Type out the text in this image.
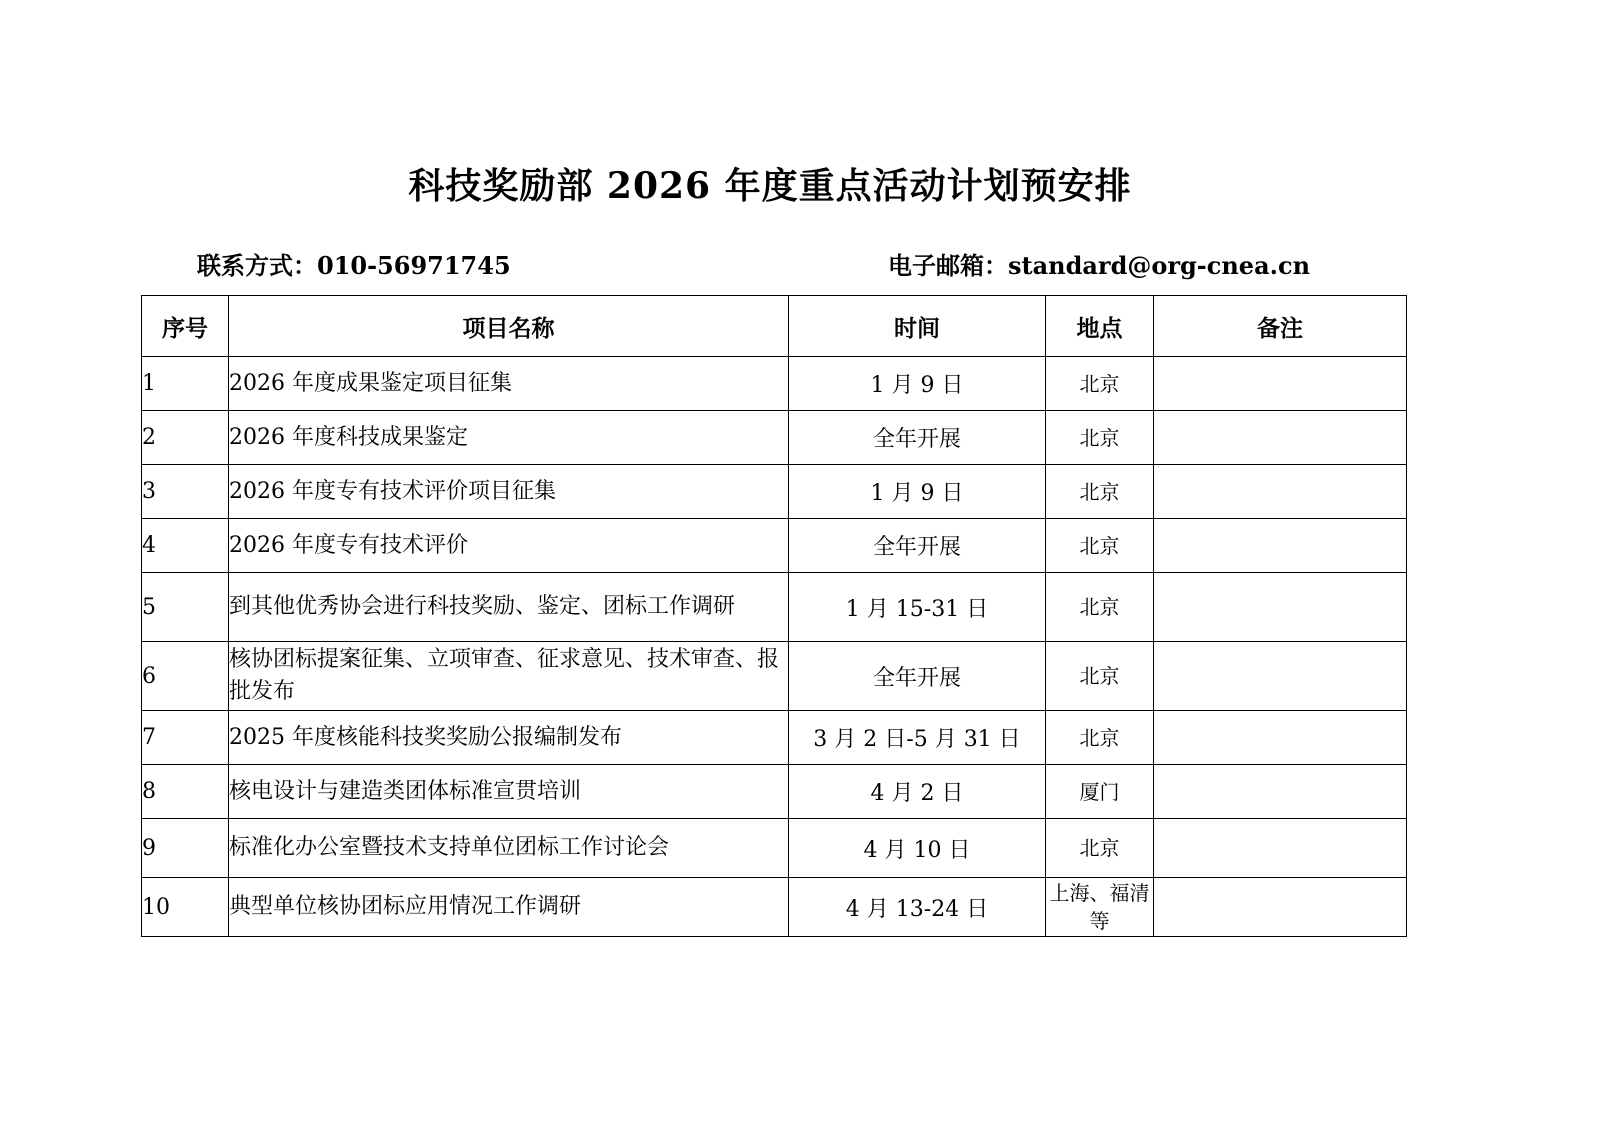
科技奖励部 2026 年度重点活动计划预安排
联系方式：010-56971745	电子邮箱：standard@org-cnea.cn
序号	项目名称	时间	地点	备注
1	2026 年度成果鉴定项目征集	1 月 9 日	北京	
2	2026 年度科技成果鉴定	全年开展	北京	
3	2026 年度专有技术评价项目征集	1 月 9 日	北京	
4	2026 年度专有技术评价	全年开展	北京	
5	到其他优秀协会进行科技奖励、鉴定、团标工作调研	1 月 15-31 日	北京	
6	核协团标提案征集、立项审查、征求意见、技术审查、报批发布	全年开展	北京	
7	2025 年度核能科技奖奖励公报编制发布	3 月 2 日-5 月 31 日	北京	
8	核电设计与建造类团体标准宣贯培训	4 月 2 日	厦门	
9	标准化办公室暨技术支持单位团标工作讨论会	4 月 10 日	北京	
10	典型单位核协团标应用情况工作调研	4 月 13-24 日	上海、福清等	
